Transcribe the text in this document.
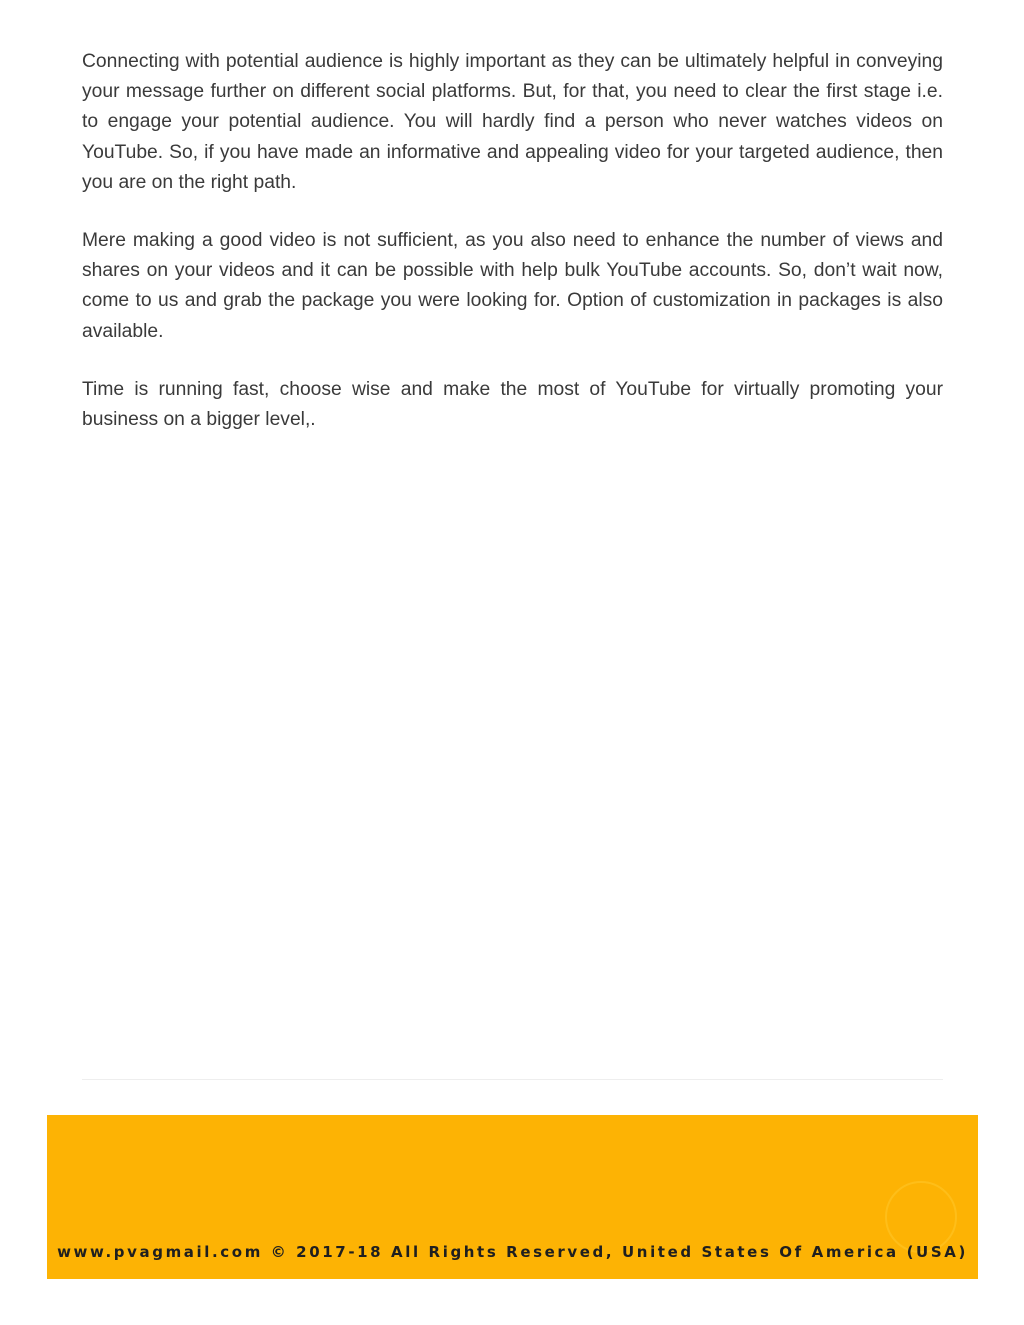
Connecting with potential audience is highly important as they can be ultimately helpful in conveying your message further on different social platforms. But, for that, you need to clear the first stage i.e. to engage your potential audience. You will hardly find a person who never watches videos on YouTube. So, if you have made an informative and appealing video for your targeted audience, then you are on the right path.

Mere making a good video is not sufficient, as you also need to enhance the number of views and shares on your videos and it can be possible with help bulk YouTube accounts. So, don’t wait now, come to us and grab the package you were looking for. Option of customization in packages is also available.

Time is running fast, choose wise and make the most of YouTube for virtually promoting your business on a bigger level,.

www.pvagmail.com © 2017-18 All Rights Reserved, United States Of America (USA)
